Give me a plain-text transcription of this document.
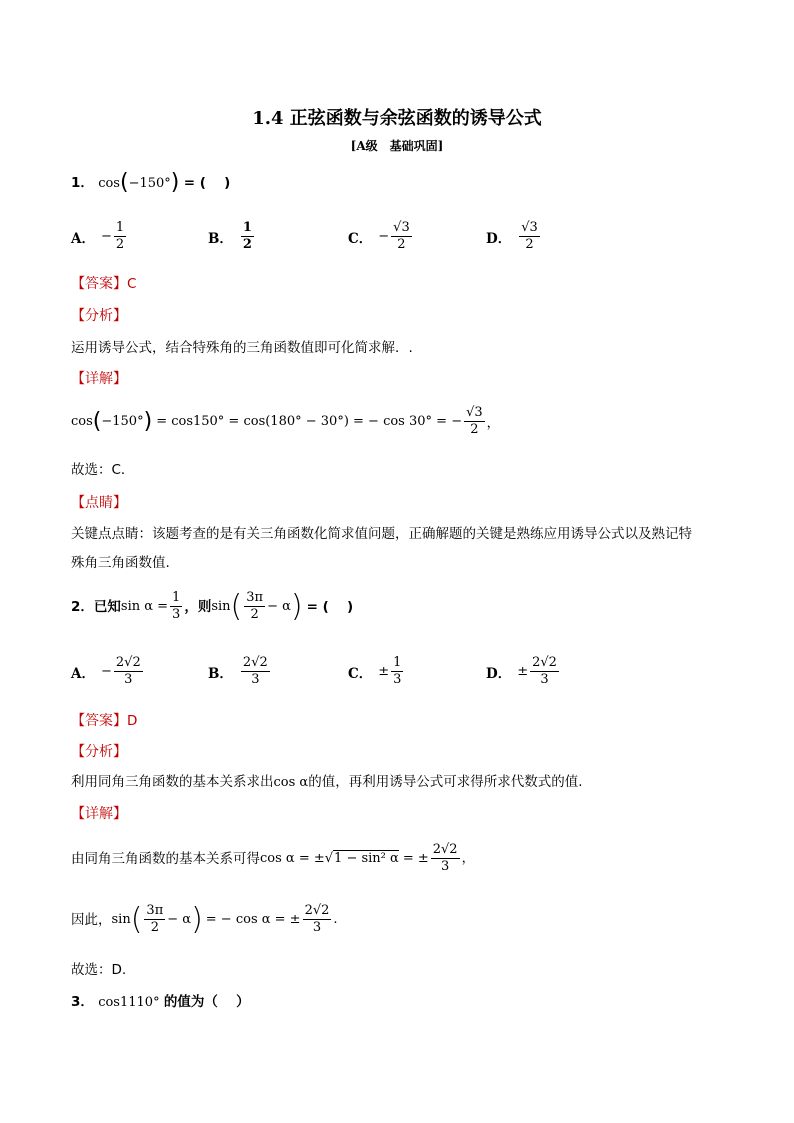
1.4 正弦函数与余弦函数的诱导公式
[A级　基础巩固]
1． cos(−150°) = (　 )
A． − $\frac{1}{2}$	B． $\frac{1}{2}$	C． − $\frac{√3}{2}$	D． $\frac{√3}{2}$
【答案】C
【分析】
运用诱导公式，结合特殊角的三角函数值即可化简求解．.
【详解】
cos ( −150° ) = cos150° = cos(180° − 30°) = − cos 30° = − $\frac{√3}{2}$ ，
故选：C．
【点睛】
关键点点睛：该题考查的是有关三角函数化简求值问题，正确解题的关键是熟练应用诱导公式以及熟记特
殊角三角函数值.
2． 已知 $\sin \alpha = \frac{1}{3}$ ，则 sin ( $\frac{3\pi}{2} - \alpha$ ) = (　 )
A． − $\frac{2√2}{3}$	B． $\frac{2√2}{3}$	C． ± $\frac{1}{3}$	D． ± $\frac{2√2}{3}$
【答案】D
【分析】
利用同角三角函数的基本关系求出cos α的值，再利用诱导公式可求得所求代数式的值.
【详解】
由同角三角函数的基本关系可得 cos α = ± √1 − sin² α = ± $\frac{2√2}{3}$ ，
因此， sin ( $\frac{3\pi}{2} - \alpha$ ) = − cos α = ± $\frac{2√2}{3}$ .
故选：D.
3． cos1110° 的值为（　 ）
